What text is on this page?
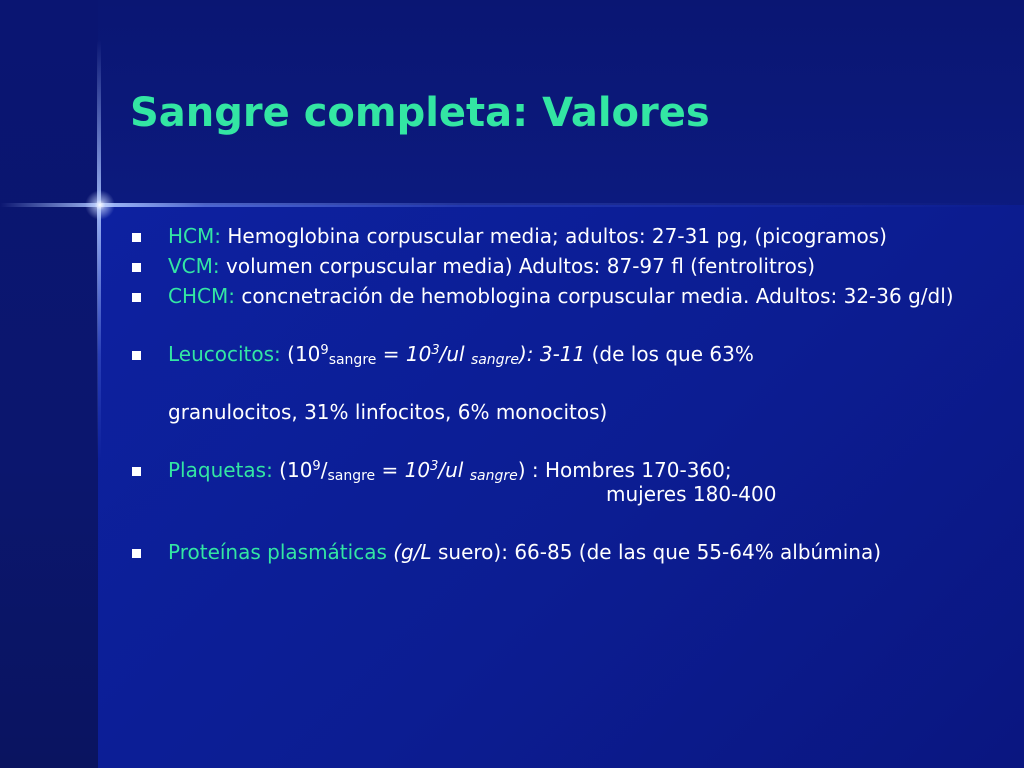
Sangre completa: Valores
HCM: Hemoglobina corpuscular media; adultos: 27-31 pg, (picogramos)
VCM: volumen corpuscular media) Adultos: 87-97 fl (fentrolitros)
CHCM: concnetración de hemoblogina corpuscular media. Adultos: 32-36 g/dl)
Leucocitos: ($10^9_{sangre} = 10^3/ul$ $_{sangre}$): 3-11 (de los que 63%
granulocitos, 31% linfocitos, 6% monocitos)
Plaquetas: ($10^9/_{sangre} = 10^3/ul$ $_{sangre}$) : Hombres 170-360;
mujeres 180-400
Proteínas plasmáticas (g/L suero): 66-85 (de las que 55-64% albúmina)
